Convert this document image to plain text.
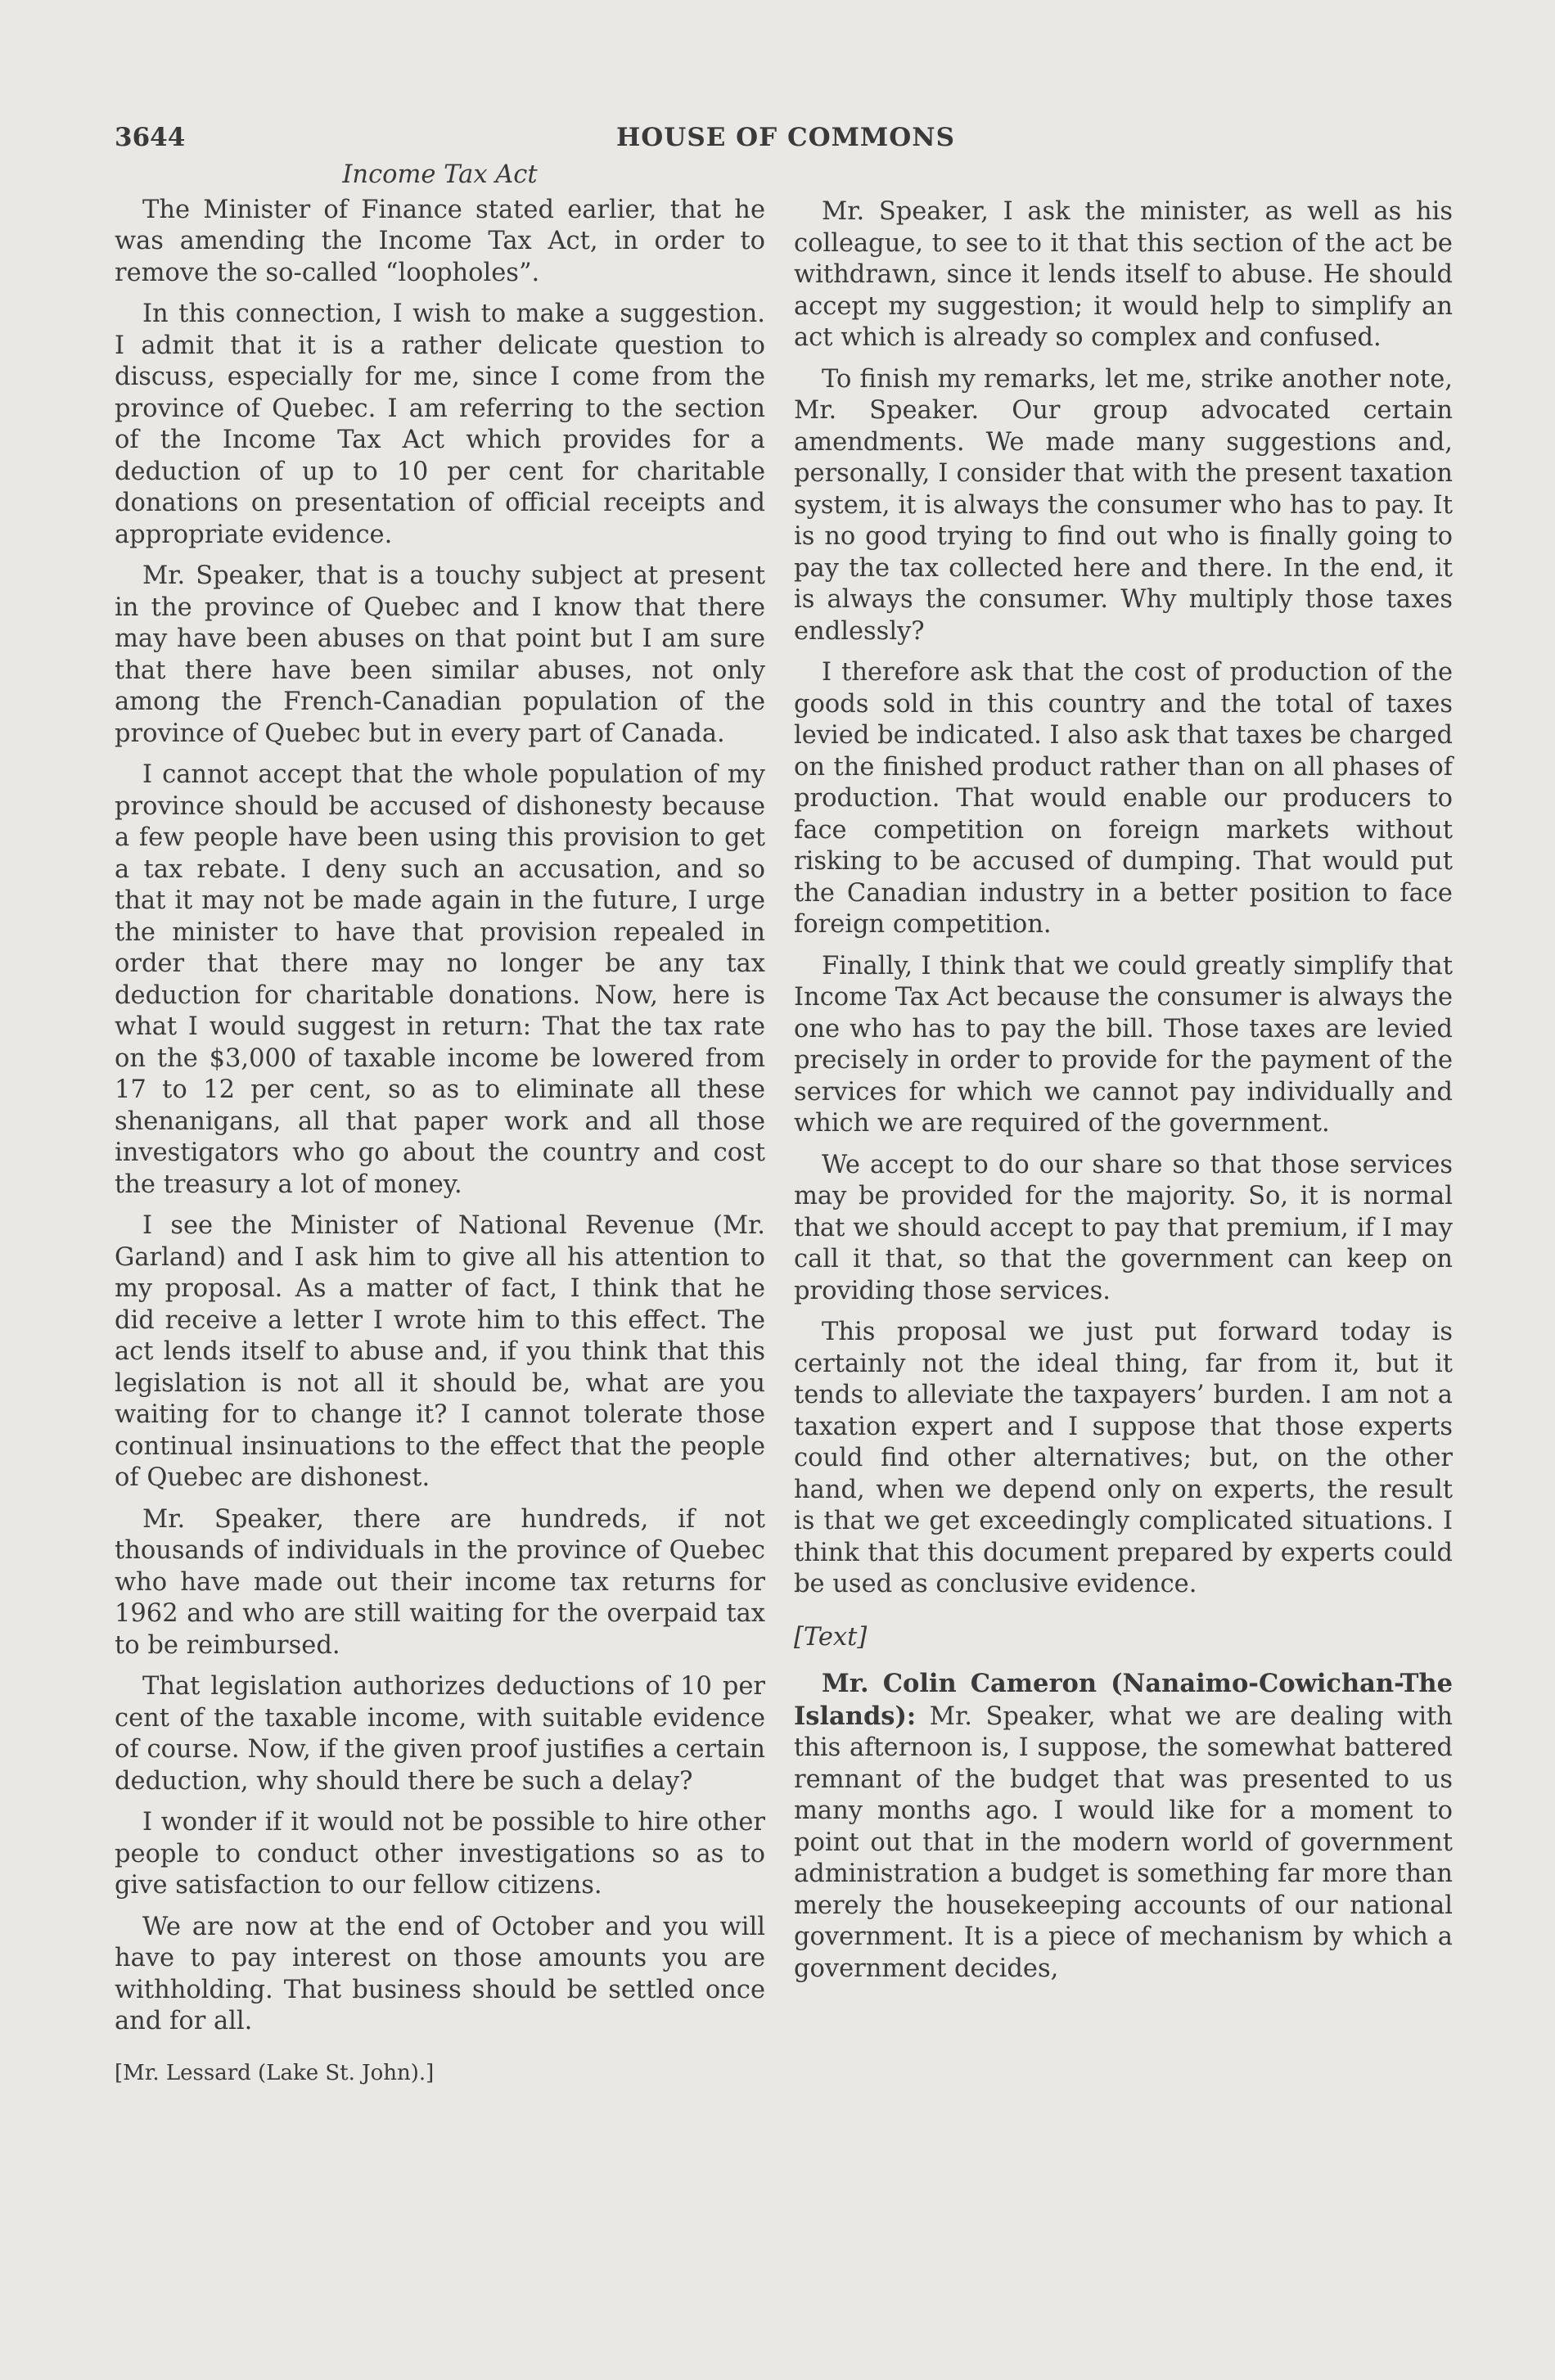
HOUSE OF COMMONS
3644
Income Tax Act

The Minister of Finance stated earlier, that he was amending the Income Tax Act, in order to remove the so-called “loopholes”.

In this connection, I wish to make a suggestion. I admit that it is a rather delicate question to discuss, especially for me, since I come from the province of Quebec. I am referring to the section of the Income Tax Act which provides for a deduction of up to 10 per cent for charitable donations on presentation of official receipts and appropriate evidence.

Mr. Speaker, that is a touchy subject at present in the province of Quebec and I know that there may have been abuses on that point but I am sure that there have been similar abuses, not only among the French-Canadian population of the province of Quebec but in every part of Canada.

I cannot accept that the whole population of my province should be accused of dishonesty because a few people have been using this provision to get a tax rebate. I deny such an accusation, and so that it may not be made again in the future, I urge the minister to have that provision repealed in order that there may no longer be any tax deduction for charitable donations. Now, here is what I would suggest in return: That the tax rate on the $3,000 of taxable income be lowered from 17 to 12 per cent, so as to eliminate all these shenanigans, all that paper work and all those investigators who go about the country and cost the treasury a lot of money.

I see the Minister of National Revenue (Mr. Garland) and I ask him to give all his attention to my proposal. As a matter of fact, I think that he did receive a letter I wrote him to this effect. The act lends itself to abuse and, if you think that this legislation is not all it should be, what are you waiting for to change it? I cannot tolerate those continual insinuations to the effect that the people of Quebec are dishonest.

Mr. Speaker, there are hundreds, if not thousands of individuals in the province of Quebec who have made out their income tax returns for 1962 and who are still waiting for the overpaid tax to be reimbursed.

That legislation authorizes deductions of 10 per cent of the taxable income, with suitable evidence of course. Now, if the given proof justifies a certain deduction, why should there be such a delay?

I wonder if it would not be possible to hire other people to conduct other investigations so as to give satisfaction to our fellow citizens.

We are now at the end of October and you will have to pay interest on those amounts you are withholding. That business should be settled once and for all.

[Mr. Lessard (Lake St. John).]

Mr. Speaker, I ask the minister, as well as his colleague, to see to it that this section of the act be withdrawn, since it lends itself to abuse. He should accept my suggestion; it would help to simplify an act which is already so complex and confused.

To finish my remarks, let me, strike another note, Mr. Speaker. Our group advocated certain amendments. We made many suggestions and, personally, I consider that with the present taxation system, it is always the consumer who has to pay. It is no good trying to find out who is finally going to pay the tax collected here and there. In the end, it is always the consumer. Why multiply those taxes endlessly?

I therefore ask that the cost of production of the goods sold in this country and the total of taxes levied be indicated. I also ask that taxes be charged on the finished product rather than on all phases of production. That would enable our producers to face competition on foreign markets without risking to be accused of dumping. That would put the Canadian industry in a better position to face foreign competition.

Finally, I think that we could greatly simplify that Income Tax Act because the consumer is always the one who has to pay the bill. Those taxes are levied precisely in order to provide for the payment of the services for which we cannot pay individually and which we are required of the government.

We accept to do our share so that those services may be provided for the majority. So, it is normal that we should accept to pay that premium, if I may call it that, so that the government can keep on providing those services.

This proposal we just put forward today is certainly not the ideal thing, far from it, but it tends to alleviate the taxpayers’ burden. I am not a taxation expert and I suppose that those experts could find other alternatives; but, on the other hand, when we depend only on experts, the result is that we get exceedingly complicated situations. I think that this document prepared by experts could be used as conclusive evidence.

[Text]

Mr. Colin Cameron (Nanaimo-Cowichan-The Islands): Mr. Speaker, what we are dealing with this afternoon is, I suppose, the somewhat battered remnant of the budget that was presented to us many months ago. I would like for a moment to point out that in the modern world of government administration a budget is something far more than merely the housekeeping accounts of our national government. It is a piece of mechanism by which a government decides,
